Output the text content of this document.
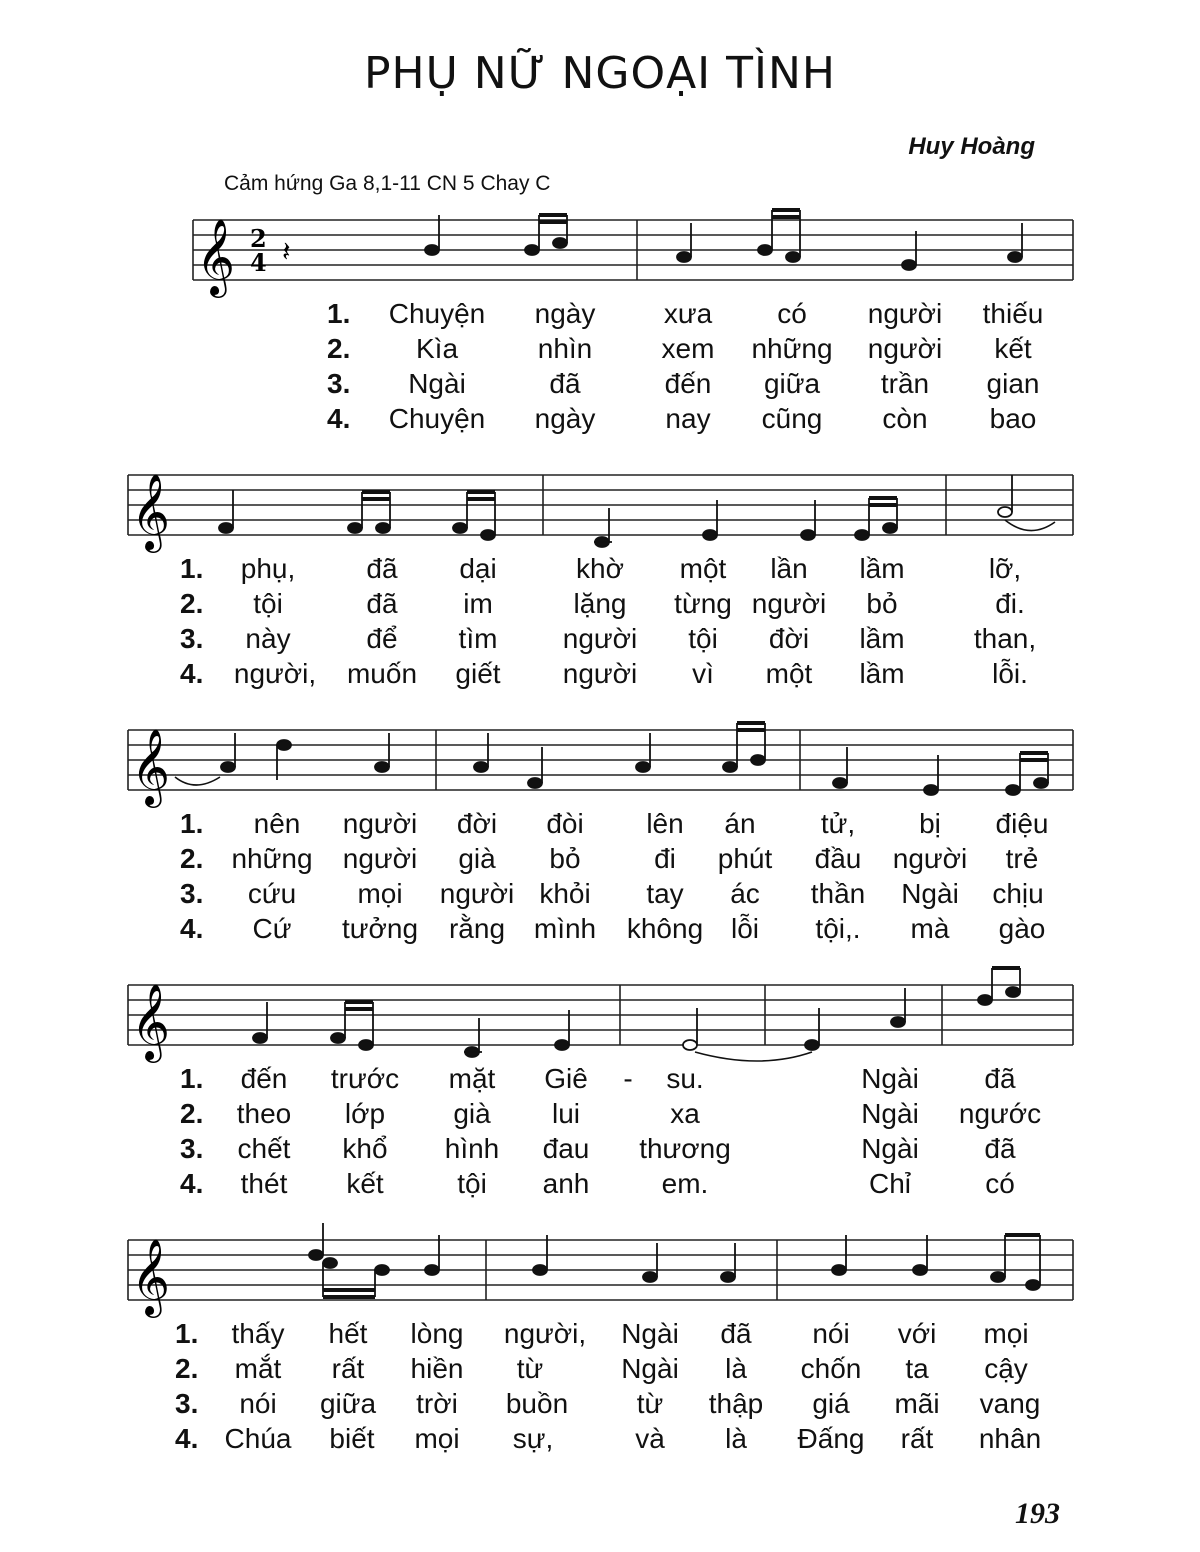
PHỤ NỮ NGOẠI TÌNH
Huy Hoàng
Cảm hứng Ga 8,1-11 CN 5 Chay C
193
𝄞 2
4 𝄽
𝄞
𝄞
𝄞
𝄞
1. Chuyện ngày xưa có người thiếu
2. Kìa	nhìn xem những người kết
3. Ngài	đã	đến giữa trần gian
4. Chuyện ngày	nay cũng còn bao
1. phụ,	đã dại	khờ một lần lầm	lỡ,
2. tội	đã im	lặng từng người bỏ	đi.
3. này	để tìm người tội đời lầm than,
4. người, muốn giết người vì một lầm	lỗi.
1. nên người đời đòi lên án tử, bị điệu
2. những người già bỏ	đi phút đầu người trẻ
3. cứu mọi người khỏi tay ác thần Ngài chịu
4. Cứ tưởng rằng mình không lỗi tội,. mà gào
1. đến trước mặt Giê - su.	Ngài đã
2. theo lớp già lui	xa	Ngài ngước
3. chết khổ hình đau thương	Ngài đã
4. thét kết	tội anh	em.	Chỉ	có
1. thấy hết lòng người, Ngài đã nói với mọi
2. mắt rất hiền từ	Ngài là chốn ta cậy
3. nói giữa trời buồn từ thập giá mãi vang
4. Chúa biết mọi sự,	và là Đấng rất nhân
